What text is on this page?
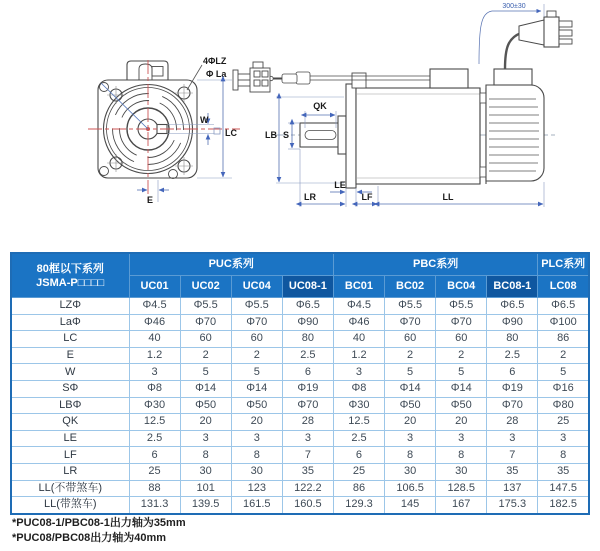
4ΦLZ
Φ La
W
LC
E
300±30
QK
LB S
LE
LR	LF	LL
80框以下系列
JSMA-P□□□□	PUC系列				PBC系列				PLC系列
	UC01	UC02	UC04	UC08-1	BC01	BC02	BC04	BC08-1	LC08
LZΦ	Φ4.5	Φ5.5	Φ5.5	Φ6.5	Φ4.5	Φ5.5	Φ5.5	Φ6.5	Φ6.5
LaΦ	Φ46	Φ70	Φ70	Φ90	Φ46	Φ70	Φ70	Φ90	Φ100
LC	40	60	60	80	40	60	60	80	86
E	1.2	2	2	2.5	1.2	2	2	2.5	2
W	3	5	5	6	3	5	5	6	5
SΦ	Φ8	Φ14	Φ14	Φ19	Φ8	Φ14	Φ14	Φ19	Φ16
LBΦ	Φ30	Φ50	Φ50	Φ70	Φ30	Φ50	Φ50	Φ70	Φ80
QK	12.5	20	20	28	12.5	20	20	28	25
LE	2.5	3	3	3	2.5	3	3	3	3
LF	6	8	8	7	6	8	8	7	8
LR	25	30	30	35	25	30	30	35	35
LL(不带煞车)	88	101	123	122.2	86	106.5	128.5	137	147.5
LL(带煞车)	131.3	139.5	161.5	160.5	129.3	145	167	175.3	182.5
*PUC08-1/PBC08-1出力轴为35mm
*PUC08/PBC08出力轴为40mm
